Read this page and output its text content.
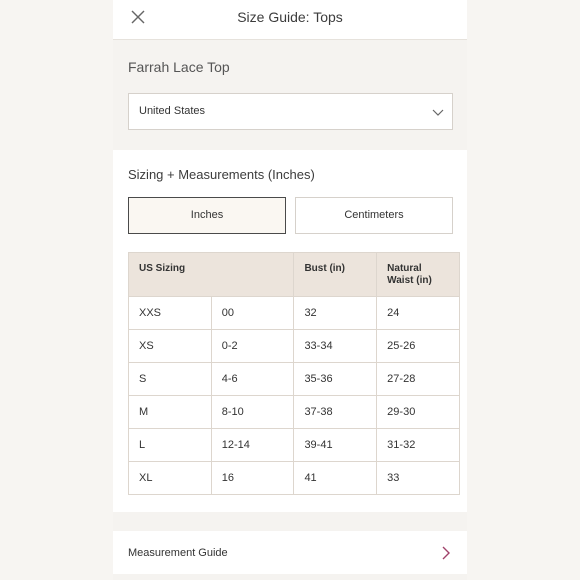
Size Guide: Tops
Farrah Lace Top
United States
Sizing + Measurements (Inches)
Inches	Centimeters
US Sizing		Bust (in)	Natural
Waist (in)
XXS	00	32	24
XS	0-2	33-34	25-26
S	4-6	35-36	27-28
M	8-10	37-38	29-30
L	12-14	39-41	31-32
XL	16	41	33
Measurement Guide
